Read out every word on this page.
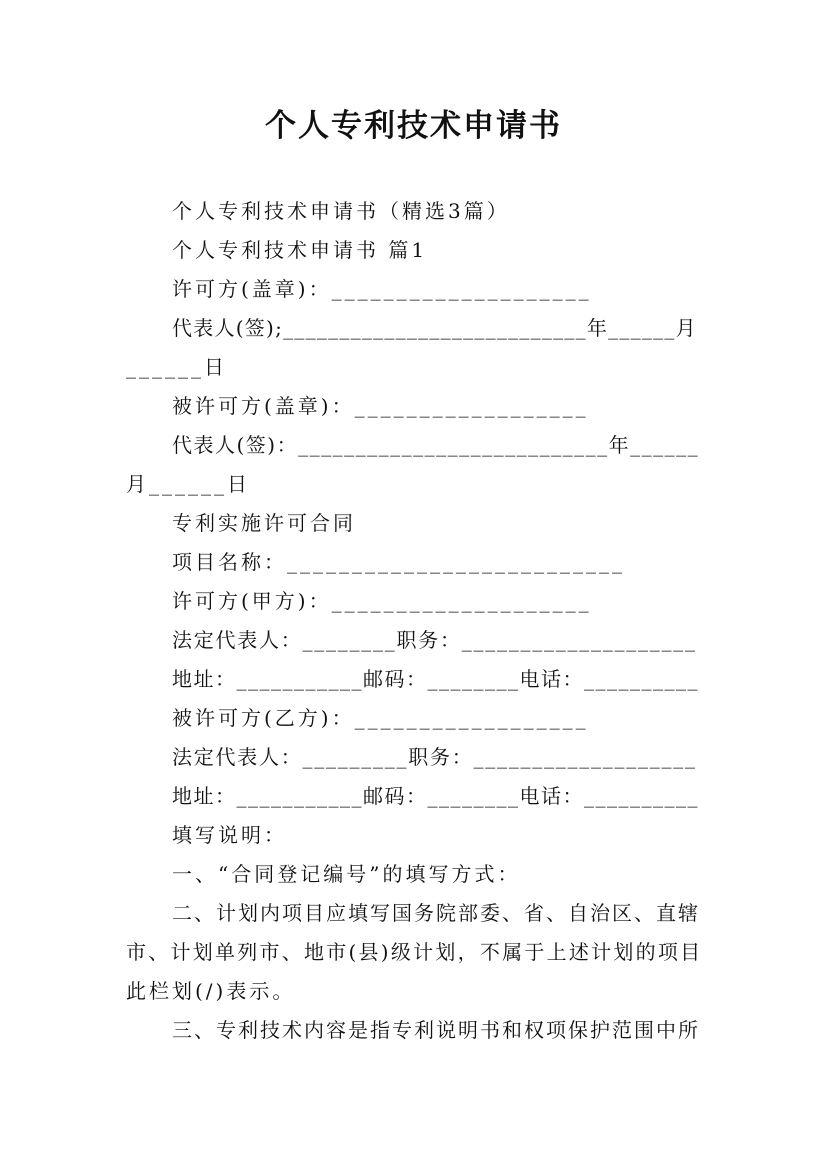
个人专利技术申请书
个人专利技术申请书（精选3篇）
个人专利技术申请书 篇1
许可方(盖章)：____________________
代表人(签);___________________________年______月
______日
被许可方(盖章)：__________________
代表人(签)：___________________________年______
月______日
专利实施许可合同
项目名称：__________________________
许可方(甲方)：____________________
法定代表人：________职务：____________________
地址：___________邮码：________电话：__________
被许可方(乙方)：__________________
法定代表人：_________职务：___________________
地址：___________邮码：________电话：__________
填写说明：
一、“合同登记编号”的填写方式：
二、计划内项目应填写国务院部委、省、自治区、直辖
市、计划单列市、地市(县)级计划，不属于上述计划的项目
此栏划(/)表示。
三、专利技术内容是指专利说明书和权项保护范围中所
